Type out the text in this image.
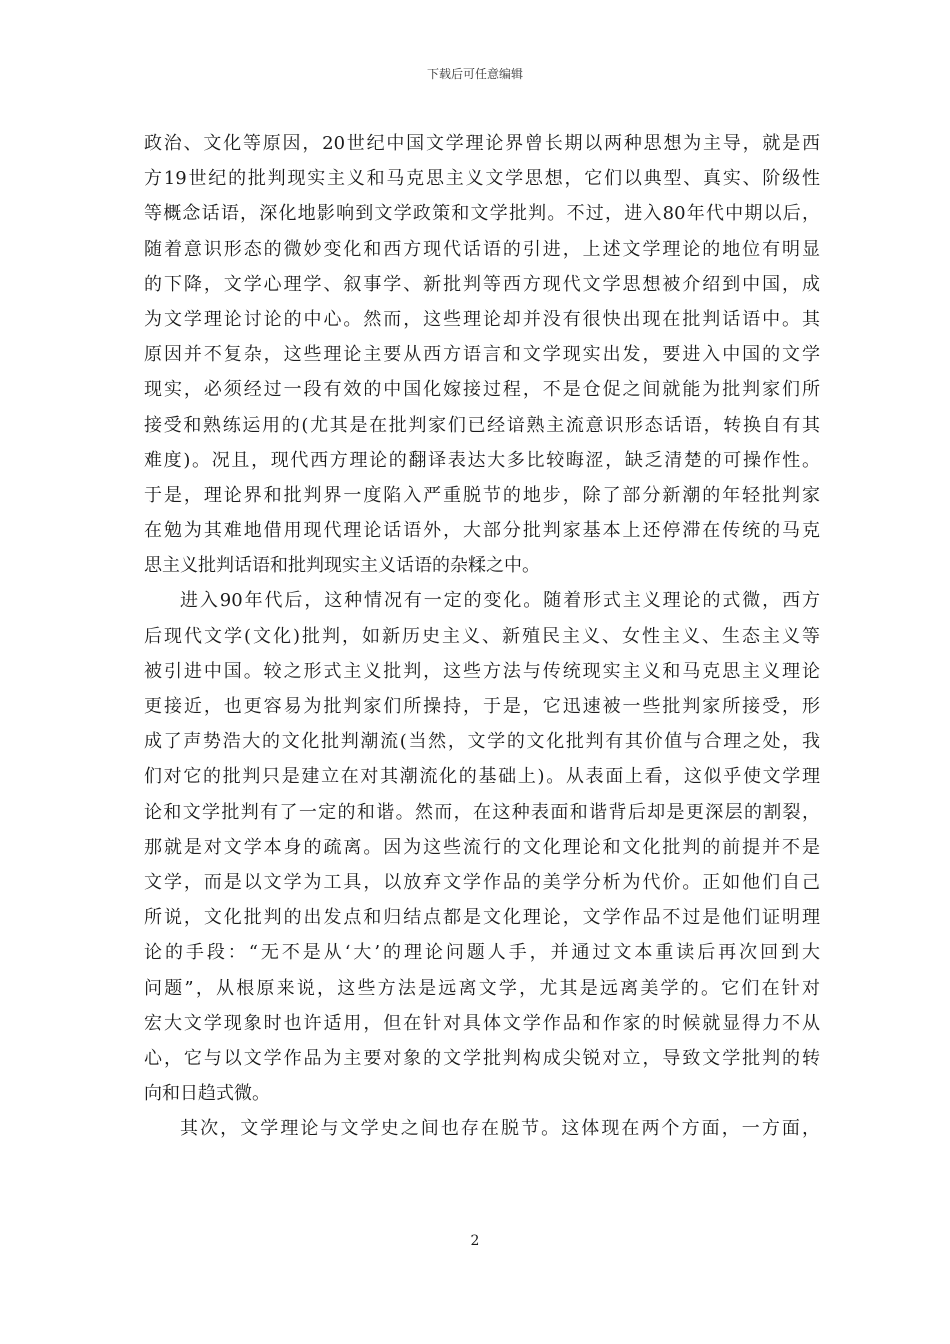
下载后可任意编辑
政治、文化等原因，20世纪中国文学理论界曾长期以两种思想为主导，就是西
方19世纪的批判现实主义和马克思主义文学思想，它们以典型、真实、阶级性
等概念话语，深化地影响到文学政策和文学批判。不过，进入80年代中期以后，
随着意识形态的微妙变化和西方现代话语的引进，上述文学理论的地位有明显
的下降，文学心理学、叙事学、新批判等西方现代文学思想被介绍到中国，成
为文学理论讨论的中心。然而，这些理论却并没有很快出现在批判话语中。其
原因并不复杂，这些理论主要从西方语言和文学现实出发，要进入中国的文学
现实，必须经过一段有效的中国化嫁接过程，不是仓促之间就能为批判家们所
接受和熟练运用的(尤其是在批判家们已经谙熟主流意识形态话语，转换自有其
难度)。况且，现代西方理论的翻译表达大多比较晦涩，缺乏清楚的可操作性。
于是，理论界和批判界一度陷入严重脱节的地步，除了部分新潮的年轻批判家
在勉为其难地借用现代理论话语外，大部分批判家基本上还停滞在传统的马克
思主义批判话语和批判现实主义话语的杂糅之中。
进入90年代后，这种情况有一定的变化。随着形式主义理论的式微，西方
后现代文学(文化)批判，如新历史主义、新殖民主义、女性主义、生态主义等
被引进中国。较之形式主义批判，这些方法与传统现实主义和马克思主义理论
更接近，也更容易为批判家们所操持，于是，它迅速被一些批判家所接受，形
成了声势浩大的文化批判潮流(当然，文学的文化批判有其价值与合理之处，我
们对它的批判只是建立在对其潮流化的基础上)。从表面上看，这似乎使文学理
论和文学批判有了一定的和谐。然而，在这种表面和谐背后却是更深层的割裂，
那就是对文学本身的疏离。因为这些流行的文化理论和文化批判的前提并不是
文学，而是以文学为工具，以放弃文学作品的美学分析为代价。正如他们自己
所说，文化批判的出发点和归结点都是文化理论，文学作品不过是他们证明理
论的手段：“无不是从‘大’的理论问题人手，并通过文本重读后再次回到大
问题”，从根原来说，这些方法是远离文学，尤其是远离美学的。它们在针对
宏大文学现象时也许适用，但在针对具体文学作品和作家的时候就显得力不从
心，它与以文学作品为主要对象的文学批判构成尖锐对立，导致文学批判的转
向和日趋式微。
其次，文学理论与文学史之间也存在脱节。这体现在两个方面，一方面，
2
